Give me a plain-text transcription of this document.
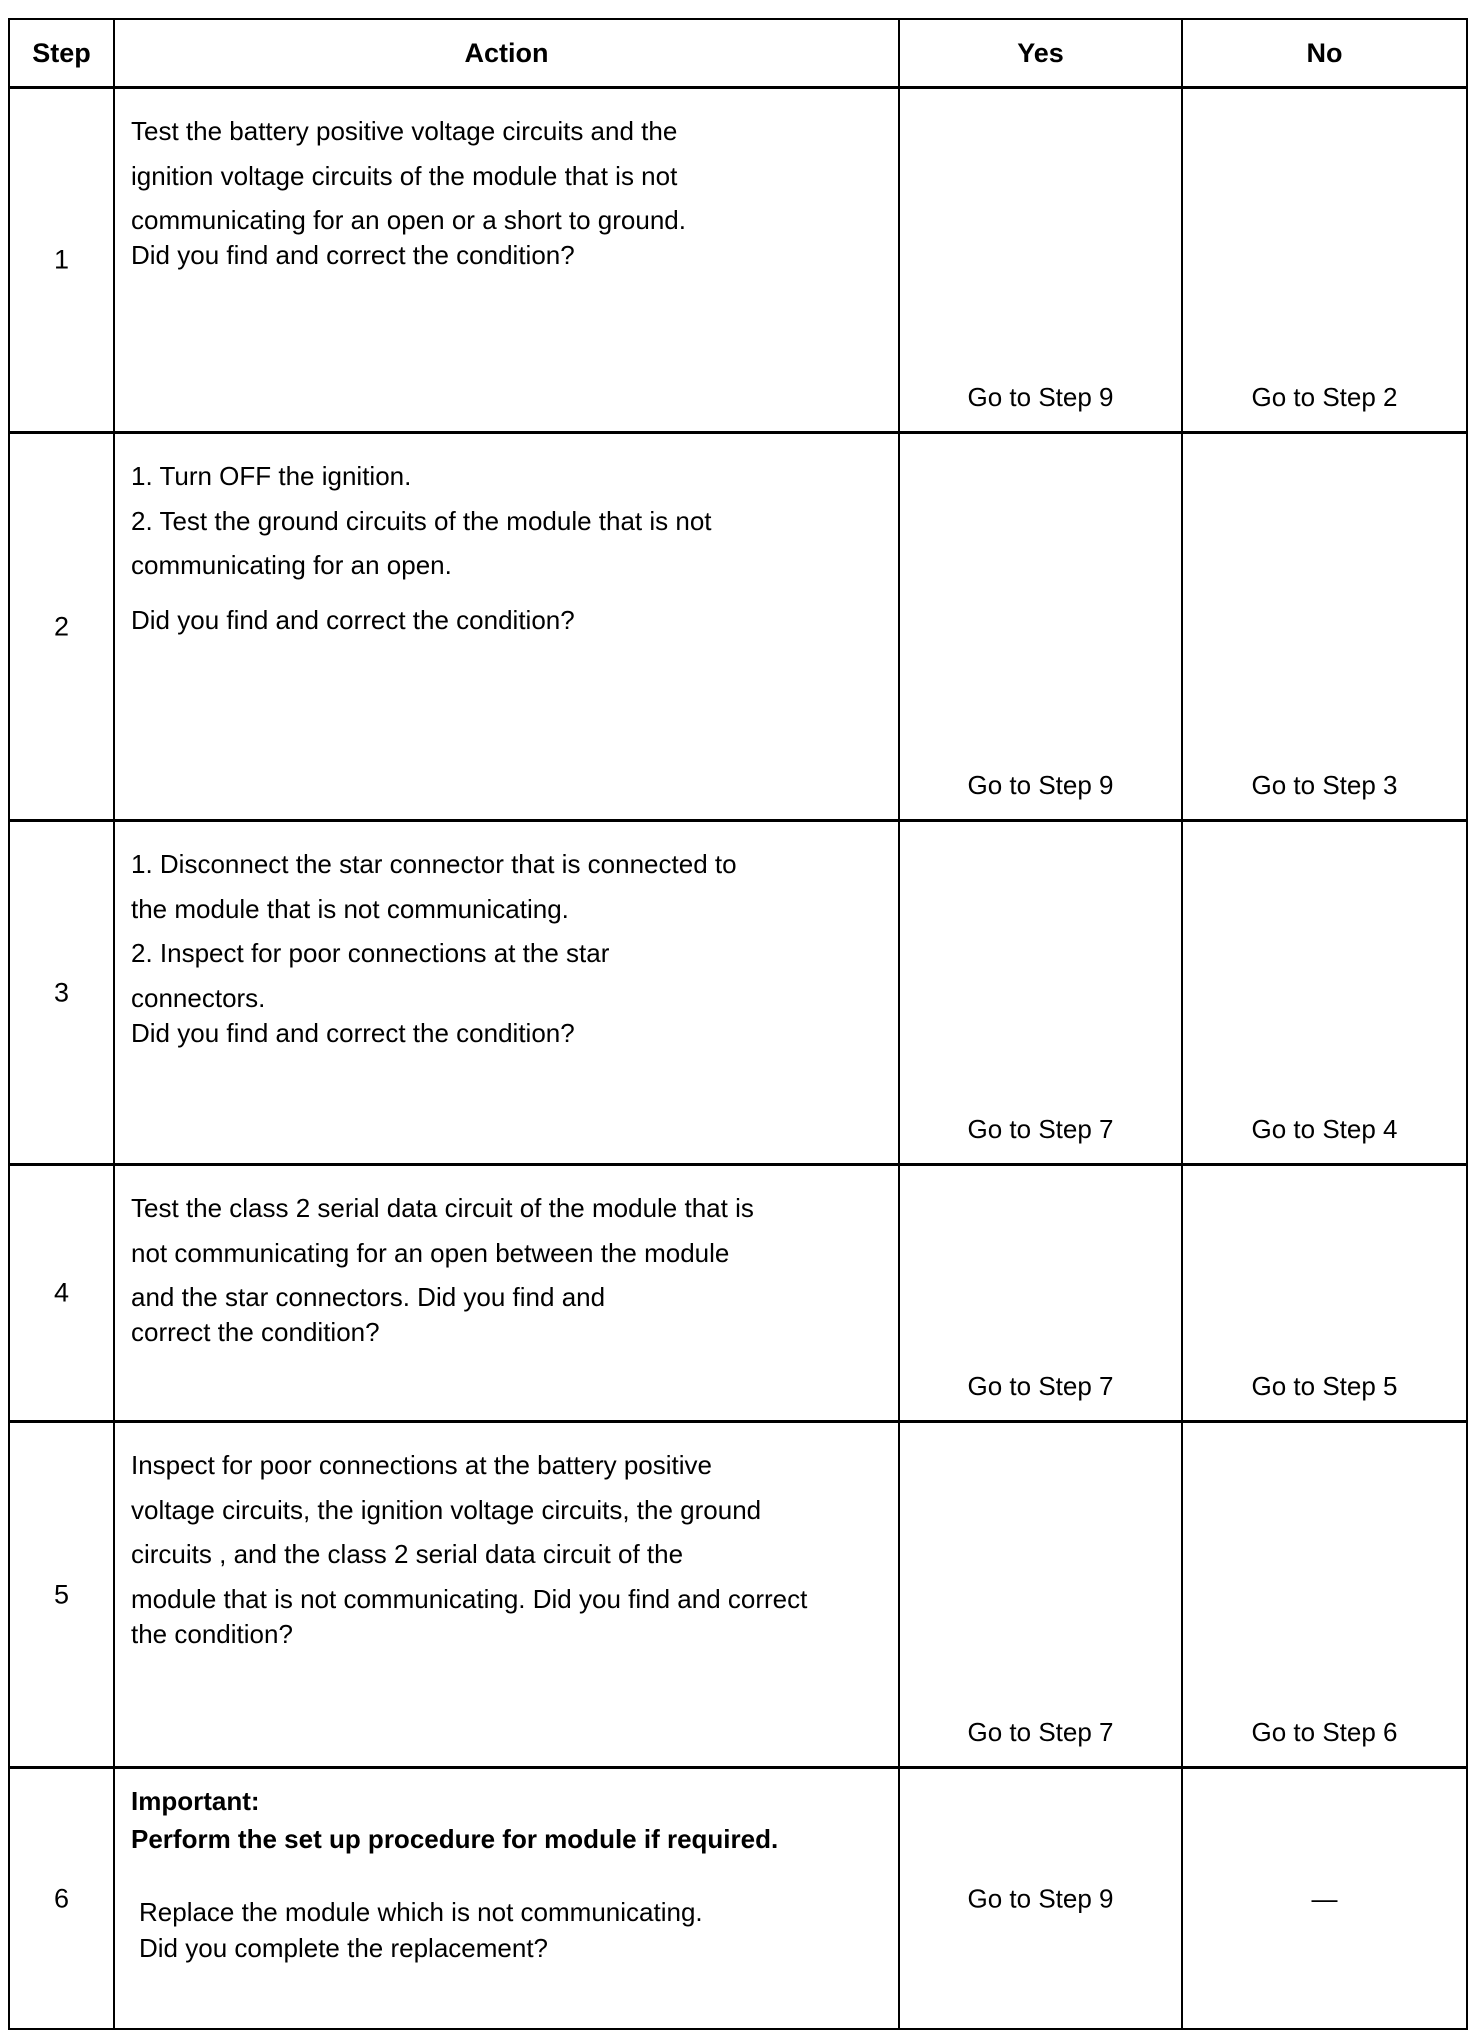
Step	Action	Yes	No
1

Test the battery positive voltage circuits and the

ignition voltage circuits of the module that is not

communicating for an open or a short to ground.

Did you find and correct the condition?

Go to Step 9	Go to Step 2
2

1. Turn OFF the ignition.

2. Test the ground circuits of the module that is not

communicating for an open.

Did you find and correct the condition?

Go to Step 9	Go to Step 3
3

1. Disconnect the star connector that is connected to

the module that is not communicating.

2. Inspect for poor connections at the star

connectors.

Did you find and correct the condition?

Go to Step 7	Go to Step 4
4

Test the class 2 serial data circuit of the module that is

not communicating for an open between the module

and the star connectors. Did you find and

correct the condition?

Go to Step 7	Go to Step 5
5

Inspect for poor connections at the battery positive

voltage circuits, the ignition voltage circuits, the ground

circuits , and the class 2 serial data circuit of the

module that is not communicating. Did you find and correct

the condition?

Go to Step 7	Go to Step 6
6

Important:

Perform the set up procedure for module if required.

Replace the module which is not communicating.

Did you complete the replacement?

Go to Step 9	—
